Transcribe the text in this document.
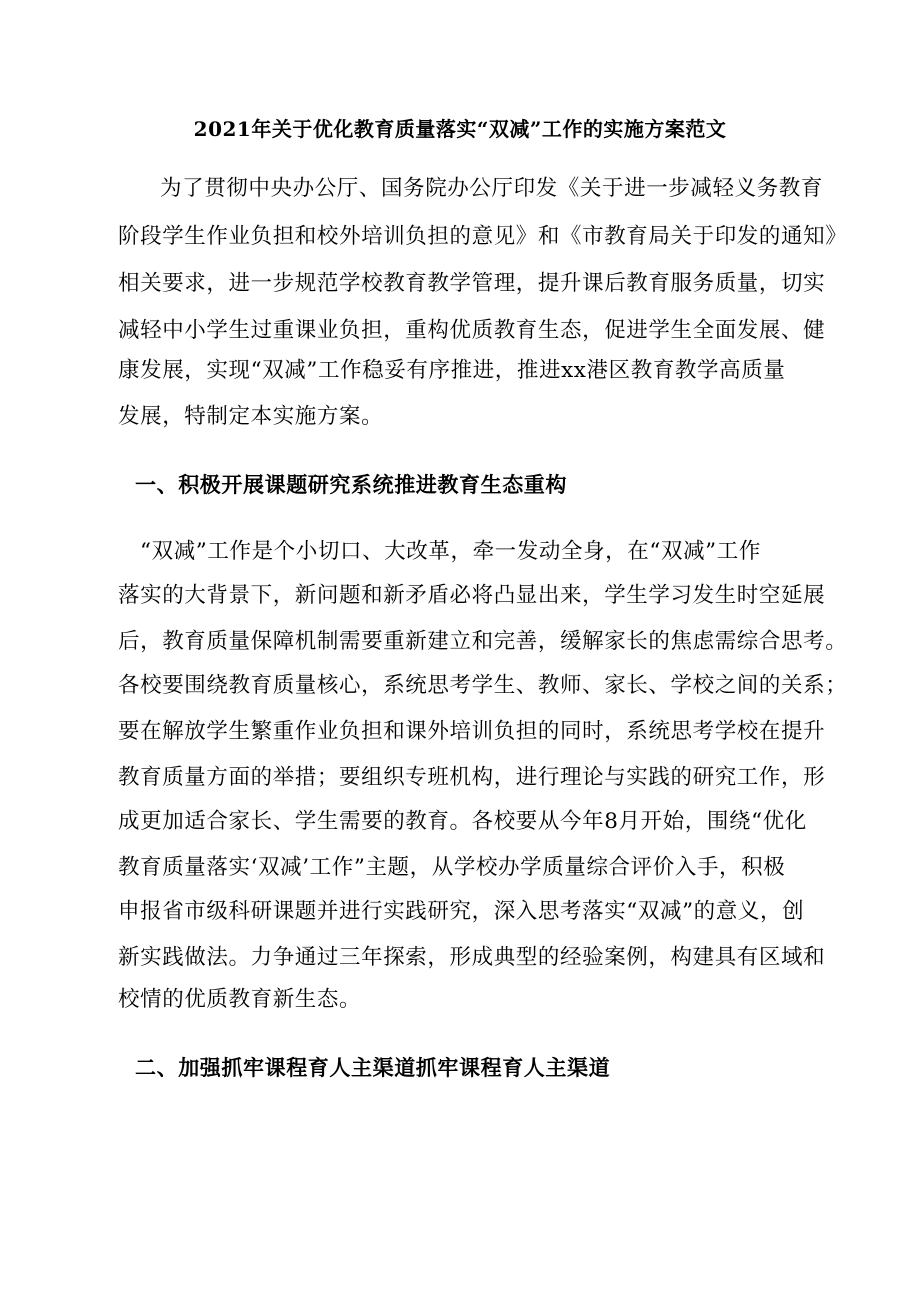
2021年关于优化教育质量落实“双减”工作的实施方案范文
为了贯彻中央办公厅、国务院办公厅印发《关于进一步减轻义务教育
阶段学生作业负担和校外培训负担的意见》和《市教育局关于印发的通知》
相关要求，进一步规范学校教育教学管理，提升课后教育服务质量，切实
减轻中小学生过重课业负担，重构优质教育生态，促进学生全面发展、健
康发展，实现“双减”工作稳妥有序推进，推进xx港区教育教学高质量
发展，特制定本实施方案。
一、积极开展课题研究系统推进教育生态重构
“双减”工作是个小切口、大改革，牵一发动全身，在“双减”工作
落实的大背景下，新问题和新矛盾必将凸显出来，学生学习发生时空延展
后，教育质量保障机制需要重新建立和完善，缓解家长的焦虑需综合思考。
各校要围绕教育质量核心，系统思考学生、教师、家长、学校之间的关系；
要在解放学生繁重作业负担和课外培训负担的同时，系统思考学校在提升
教育质量方面的举措；要组织专班机构，进行理论与实践的研究工作，形
成更加适合家长、学生需要的教育。各校要从今年8月开始，围绕“优化
教育质量落实‘双减’工作”主题，从学校办学质量综合评价入手，积极
申报省市级科研课题并进行实践研究，深入思考落实“双减”的意义，创
新实践做法。力争通过三年探索，形成典型的经验案例，构建具有区域和
校情的优质教育新生态。
二、加强抓牢课程育人主渠道抓牢课程育人主渠道
